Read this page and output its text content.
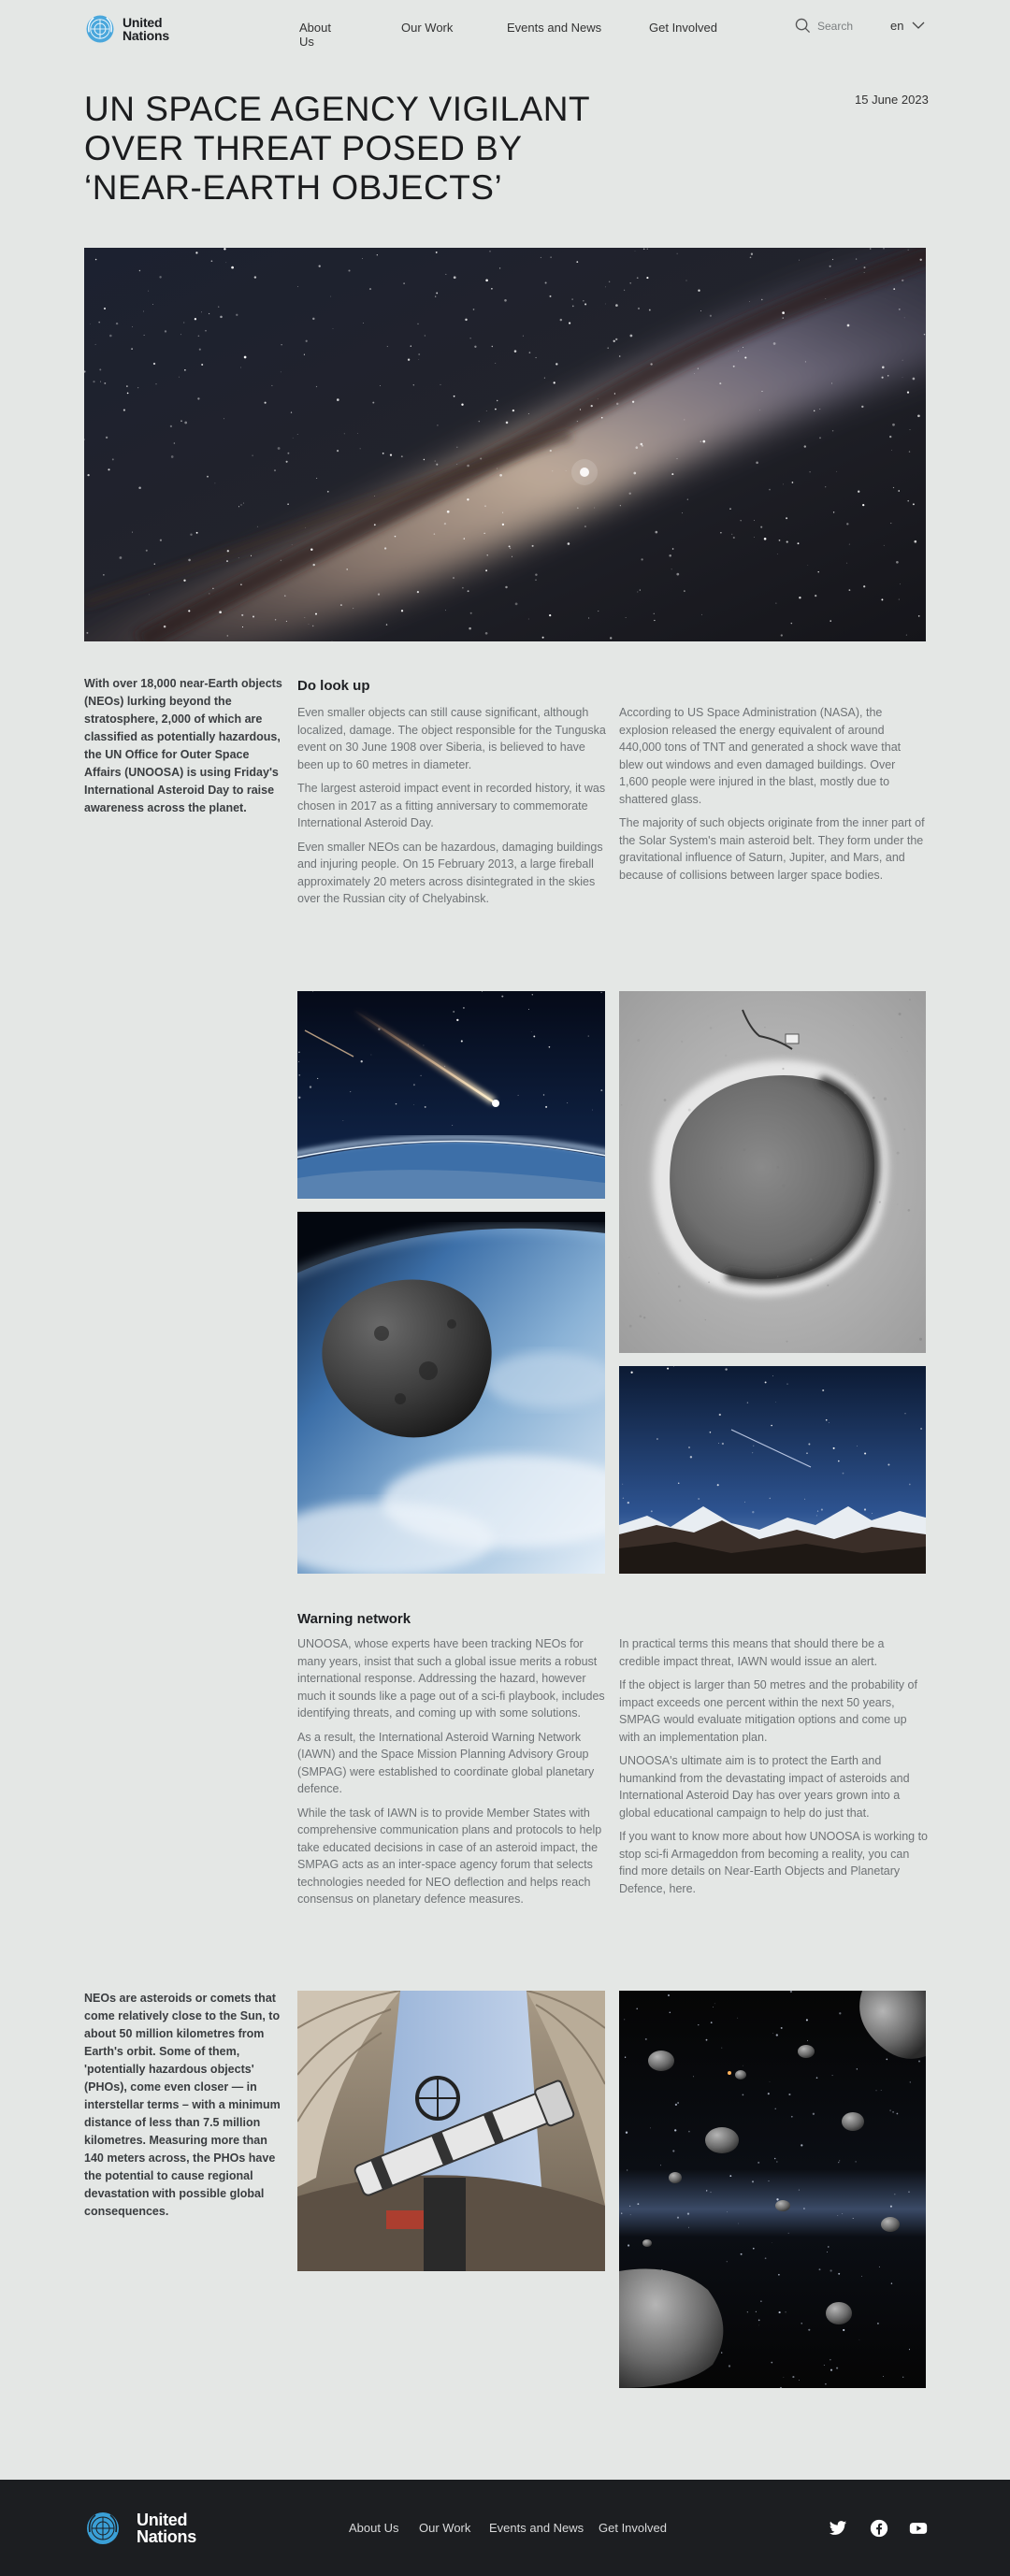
United
Nations
About Us
Our Work	Events and News	Get Involved	Search	en
UN SPACE AGENCY VIGILANT OVER THREAT POSED BY ‘NEAR-EARTH OBJECTS’
15 June 2023

With over 18,000 near-Earth objects (NEOs) lurking beyond the stratosphere, 2,000 of which are classified as potentially hazardous, the UN Office for Outer Space Affairs (UNOOSA) is using Friday's International Asteroid Day to raise awareness across the planet.

Do look up

Even smaller objects can still cause significant, although localized, damage. The object responsible for the Tunguska event on 30 June 1908 over Siberia, is believed to have been up to 60 metres in diameter.

The largest asteroid impact event in recorded history, it was chosen in 2017 as a fitting anniversary to commemorate International Asteroid Day.

Even smaller NEOs can be hazardous, damaging buildings and injuring people. On 15 February 2013, a large fireball approximately 20 meters across disintegrated in the skies over the Russian city of Chelyabinsk.

According to US Space Administration (NASA), the explosion released the energy equivalent of around 440,000 tons of TNT and generated a shock wave that blew out windows and even damaged buildings. Over 1,600 people were injured in the blast, mostly due to shattered glass.

The majority of such objects originate from the inner part of the Solar System's main asteroid belt. They form under the gravitational influence of Saturn, Jupiter, and Mars, and because of collisions between larger space bodies.

Warning network

UNOOSA, whose experts have been tracking NEOs for many years, insist that such a global issue merits a robust international response. Addressing the hazard, however much it sounds like a page out of a sci-fi playbook, includes identifying threats, and coming up with some solutions.

As a result, the International Asteroid Warning Network (IAWN) and the Space Mission Planning Advisory Group (SMPAG) were established to coordinate global planetary defence.

While the task of IAWN is to provide Member States with comprehensive communication plans and protocols to help take educated decisions in case of an asteroid impact, the SMPAG acts as an inter-space agency forum that selects technologies needed for NEO deflection and helps reach consensus on planetary defence measures.

In practical terms this means that should there be a credible impact threat, IAWN would issue an alert.

If the object is larger than 50 metres and the probability of impact exceeds one percent within the next 50 years, SMPAG would evaluate mitigation options and come up with an implementation plan.

UNOOSA's ultimate aim is to protect the Earth and humankind from the devastating impact of asteroids and International Asteroid Day has over years grown into a global educational campaign to help do just that.

If you want to know more about how UNOOSA is working to stop sci-fi Armageddon from becoming a reality, you can find more details on Near-Earth Objects and Planetary Defence, here.

NEOs are asteroids or comets that come relatively close to the Sun, to about 50 million kilometres from Earth's orbit. Some of them, 'potentially hazardous objects' (PHOs), come even closer — in interstellar terms – with a minimum distance of less than 7.5 million kilometres. Measuring more than 140 meters across, the PHOs have the potential to cause regional devastation with possible global consequences.

United
Nations	About Us Our Work Events and News Get Involved
